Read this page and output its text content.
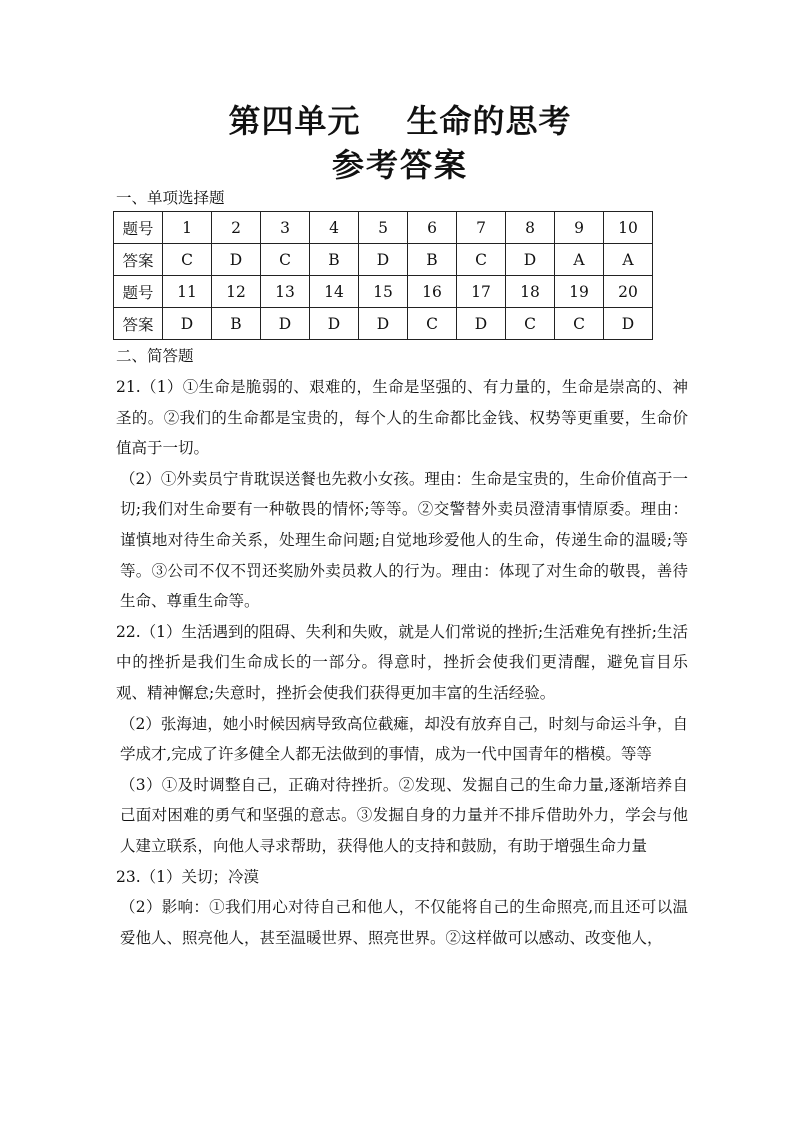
第四单元 生命的思考
参考答案
一、单项选择题
题号	1	2	3	4	5	6	7	8	9	10
答案	C	D	C	B	D	B	C	D	A	A
题号	11	12	13	14	15	16	17	18	19	20
答案	D	B	D	D	D	C	D	C	C	D
二、简答题

21.（1）①生命是脆弱的、艰难的，生命是坚强的、有力量的，生命是崇高的、神圣的。②我们的生命都是宝贵的，每个人的生命都比金钱、权势等更重要，生命价值高于一切。

（2）①外卖员宁肯耽误送餐也先救小女孩。理由：生命是宝贵的，生命价值高于一切;我们对生命要有一种敬畏的情怀;等等。②交警替外卖员澄清事情原委。理由：谨慎地对待生命关系，处理生命问题;自觉地珍爱他人的生命，传递生命的温暖;等等。③公司不仅不罚还奖励外卖员救人的行为。理由：体现了对生命的敬畏，善待生命、尊重生命等。

22.（1）生活遇到的阻碍、失利和失败，就是人们常说的挫折;生活难免有挫折;生活中的挫折是我们生命成长的一部分。得意时，挫折会使我们更清醒，避免盲目乐观、精神懈怠;失意时，挫折会使我们获得更加丰富的生活经验。

（2）张海迪，她小时候因病导致高位截瘫，却没有放弃自己，时刻与命运斗争，自学成才,完成了许多健全人都无法做到的事情，成为一代中国青年的楷模。等等

（3）①及时调整自己，正确对待挫折。②发现、发掘自己的生命力量,逐渐培养自己面对困难的勇气和坚强的意志。③发掘自身的力量并不排斥借助外力，学会与他人建立联系，向他人寻求帮助，获得他人的支持和鼓励，有助于增强生命力量

23.（1）关切；冷漠

（2）影响：①我们用心对待自己和他人，不仅能将自己的生命照亮,而且还可以温爱他人、照亮他人，甚至温暖世界、照亮世界。②这样做可以感动、改变他人，
